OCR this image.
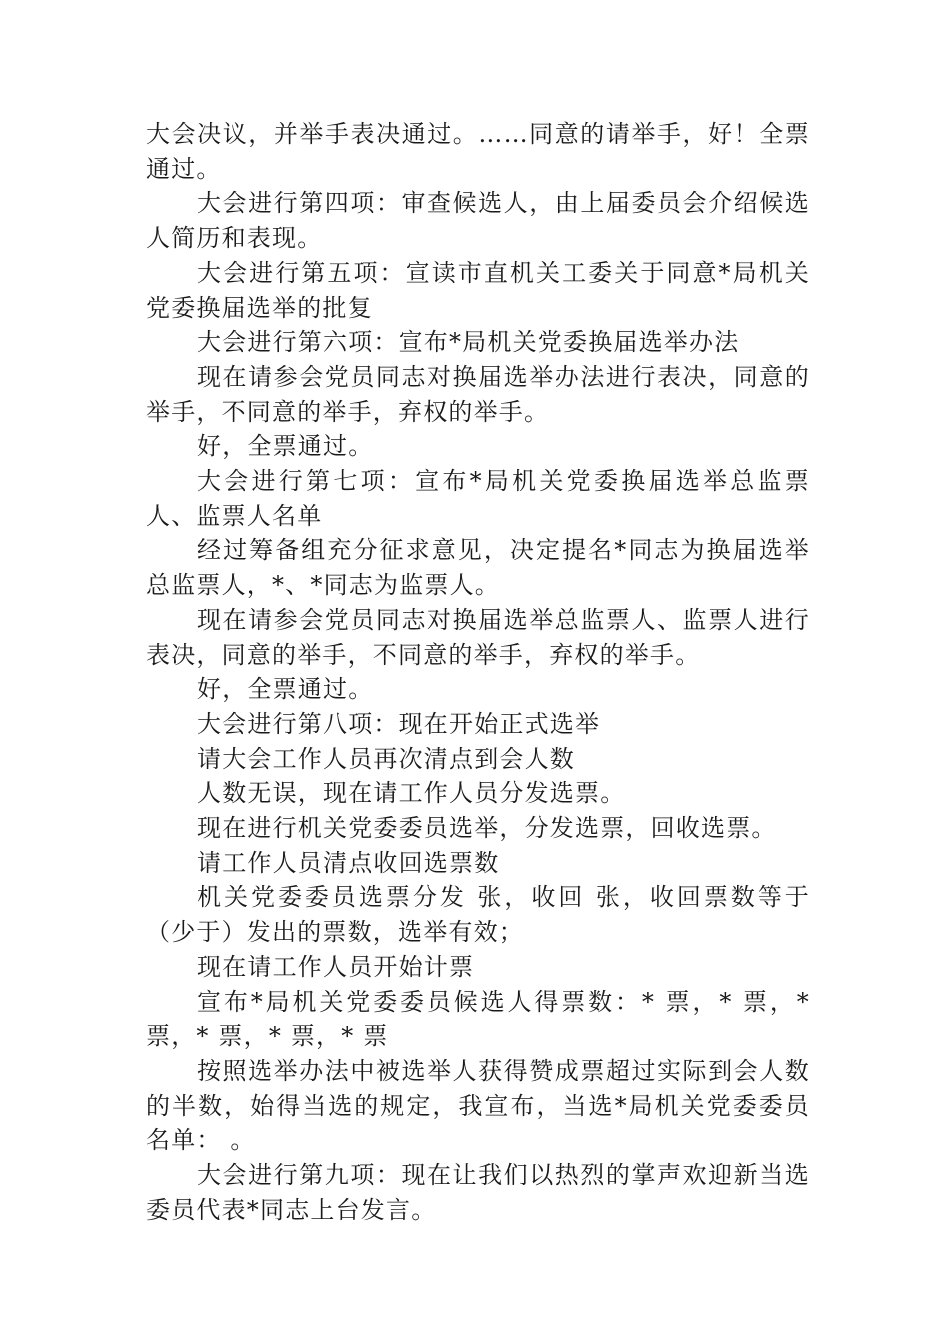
大会决议，并举手表决通过。……同意的请举手，好！全票通过。

大会进行第四项：审查候选人，由上届委员会介绍候选人简历和表现。

大会进行第五项：宣读市直机关工委关于同意*局机关党委换届选举的批复

大会进行第六项：宣布*局机关党委换届选举办法

现在请参会党员同志对换届选举办法进行表决，同意的举手，不同意的举手，弃权的举手。

好，全票通过。

大会进行第七项：宣布*局机关党委换届选举总监票人、监票人名单

经过筹备组充分征求意见，决定提名*同志为换届选举总监票人，*、*同志为监票人。

现在请参会党员同志对换届选举总监票人、监票人进行表决，同意的举手，不同意的举手，弃权的举手。

好，全票通过。

大会进行第八项：现在开始正式选举

请大会工作人员再次清点到会人数

人数无误，现在请工作人员分发选票。

现在进行机关党委委员选举，分发选票，回收选票。

请工作人员清点收回选票数

机关党委委员选票分发 张，收回 张，收回票数等于（少于）发出的票数，选举有效；

现在请工作人员开始计票

宣布*局机关党委委员候选人得票数：* 票，* 票，* 票，* 票，* 票，* 票

按照选举办法中被选举人获得赞成票超过实际到会人数的半数，始得当选的规定，我宣布，当选*局机关党委委员名单： 。

大会进行第九项：现在让我们以热烈的掌声欢迎新当选委员代表*同志上台发言。
